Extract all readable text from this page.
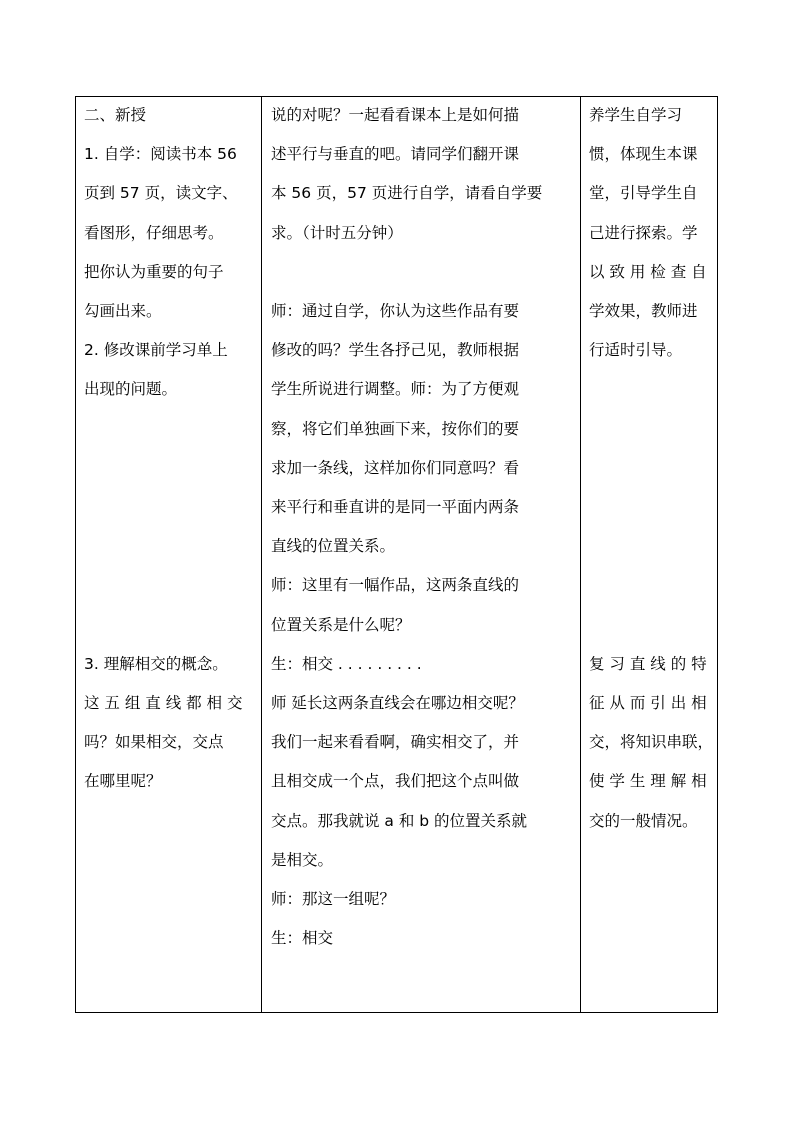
二、新授
1. 自学：阅读书本 56
页到 57 页，读文字、
看图形，仔细思考。
把你认为重要的句子
勾画出来。
2. 修改课前学习单上
出现的问题。
3. 理解相交的概念。
这 五 组 直 线 都 相 交
吗？如果相交，交点
在哪里呢？
说的对呢？一起看看课本上是如何描
述平行与垂直的吧。请同学们翻开课
本 56 页，57 页进行自学，请看自学要
求。（计时五分钟）
师：通过自学，你认为这些作品有要
修改的吗？学生各抒己见，教师根据
学生所说进行调整。师：为了方便观
察，将它们单独画下来，按你们的要
求加一条线，这样加你们同意吗？看
来平行和垂直讲的是同一平面内两条
直线的位置关系。
师：这里有一幅作品，这两条直线的
位置关系是什么呢？
生：相交 . . . . . . . . .
师 延长这两条直线会在哪边相交呢？
我们一起来看看啊，确实相交了，并
且相交成一个点，我们把这个点叫做
交点。那我就说 a 和 b 的位置关系就
是相交。
师：那这一组呢？
生：相交
养学生自学习
惯，体现生本课
堂，引导学生自
己进行探索。学
以 致 用 检 查 自
学效果，教师进
行适时引导。
复 习 直 线 的 特
征 从 而 引 出 相
交，将知识串联，
使 学 生 理 解 相
交的一般情况。
